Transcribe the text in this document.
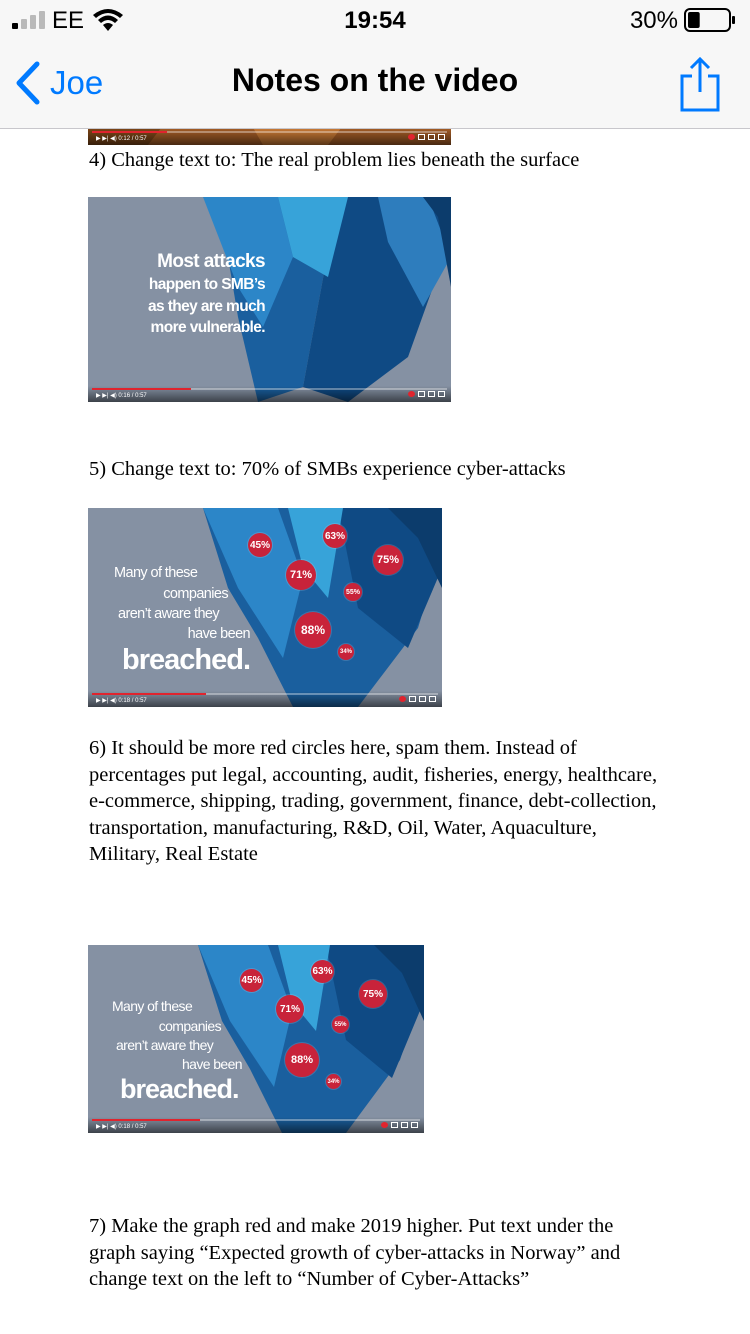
EE	19:54	30%
Joe	Notes on the video
▶ ▶| ◀) 0:12 / 0:57
4) Change text to: The real problem lies beneath the surface
Most attacks
happen to SMB’s
as they are much
more vulnerable.
▶ ▶| ◀) 0:16 / 0:57
5) Change text to: 70% of SMBs experience cyber-attacks
Many of these
companies
aren’t aware they
have been
breached.
45%
63%
75%
71%
55%
88%
34%
▶ ▶| ◀) 0:18 / 0:57
6) It should be more red circles here, spam them. Instead of percentages put legal, accounting, audit, fisheries, energy, healthcare, e-commerce, shipping, trading, government, finance, debt-collection, transportation, manufacturing, R&D, Oil, Water, Aquaculture, Military, Real Estate
Many of these
companies
aren’t aware they
have been
breached.
45%
63%
75%
71%
55%
88%
34%
▶ ▶| ◀) 0:18 / 0:57
7) Make the graph red and make 2019 higher. Put text under the graph saying “Expected growth of cyber-attacks in Norway” and change text on the left to “Number of Cyber-Attacks”
